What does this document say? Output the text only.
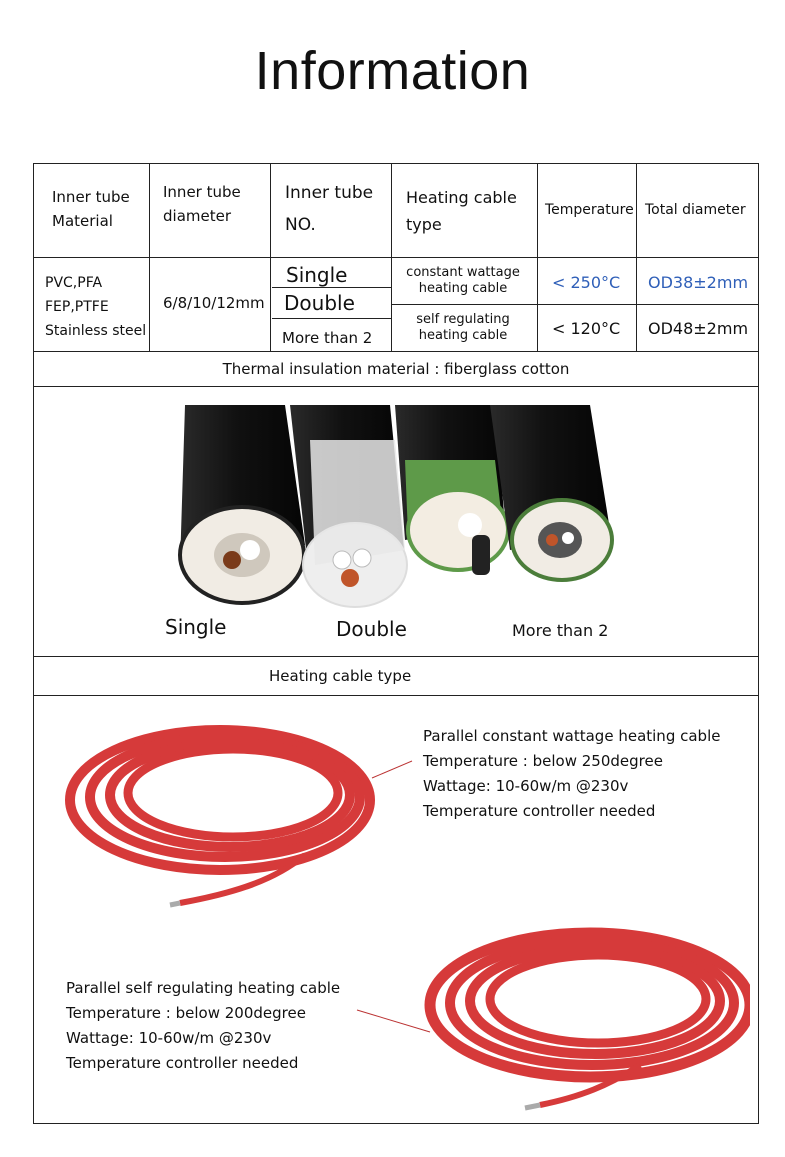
Information
Inner tube
Material
Inner tube
diameter
Inner tube
NO.
Heating cable
type
Temperature Total diameter
PVC,PFA
FEP,PTFE
Stainless steel
6/8/10/12mm
Single
Double
More than 2
constant wattage
heating cable
self regulating
heating cable
< 250°C
< 120°C
OD38±2mm
OD48±2mm
Thermal insulation material : fiberglass cotton
Single	Double	More than 2
Heating cable type
Parallel constant wattage heating cable
Temperature : below 250degree
Wattage: 10-60w/m @230v
Temperature controller needed
Parallel self regulating heating cable
Temperature : below 200degree
Wattage: 10-60w/m @230v
Temperature controller needed
